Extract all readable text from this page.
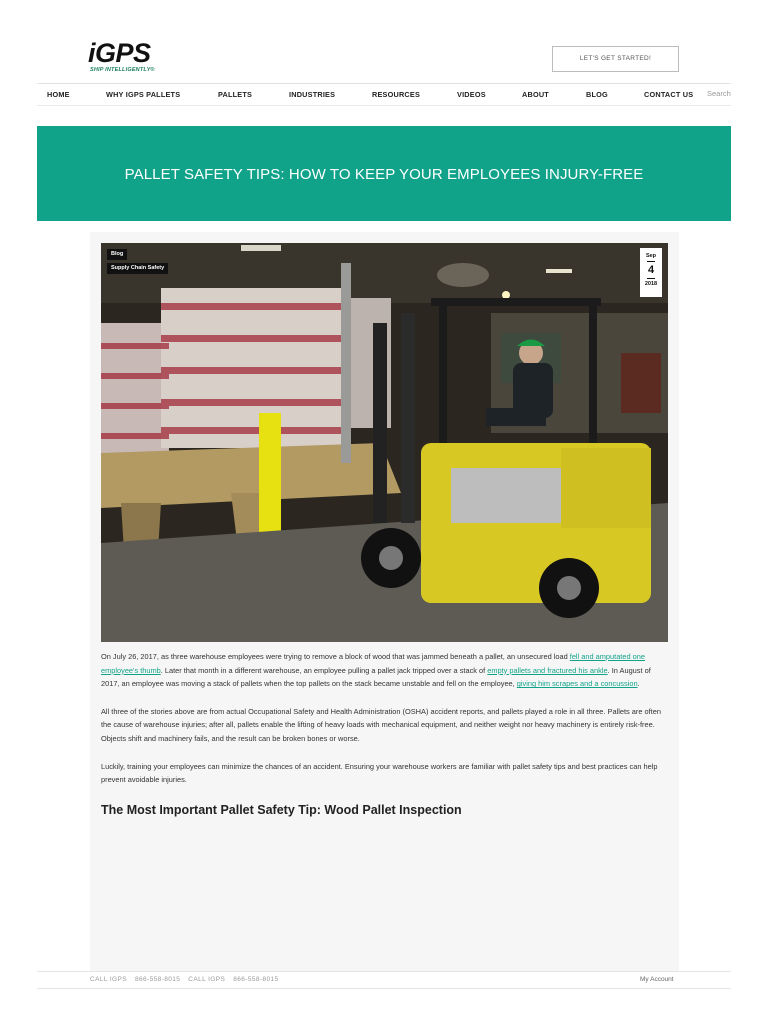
iGPS
SHIP INTELLIGENTLY®
LET'S GET STARTED!
HOME	WHY IGPS PALLETS	PALLETS	INDUSTRIES	RESOURCES	VIDEOS	ABOUT	BLOG	CONTACT US Search
PALLET SAFETY TIPS: HOW TO KEEP YOUR EMPLOYEES INJURY-FREE
Blog
Supply Chain Safety
Sep
4
2018

On July 26, 2017, as three warehouse employees were trying to remove a block of wood that was jammed beneath a pallet, an unsecured load fell and amputated one employee's thumb. Later that month in a different warehouse, an employee pulling a pallet jack tripped over a stack of empty pallets and fractured his ankle. In August of 2017, an employee was moving a stack of pallets when the top pallets on the stack became unstable and fell on the employee, giving him scrapes and a concussion.

All three of the stories above are from actual Occupational Safety and Health Administration (OSHA) accident reports, and pallets played a role in all three. Pallets are often the cause of warehouse injuries; after all, pallets enable the lifting of heavy loads with mechanical equipment, and neither weight nor heavy machinery is entirely risk-free. Objects shift and machinery fails, and the result can be broken bones or worse.

Luckily, training your employees can minimize the chances of an accident. Ensuring your warehouse workers are familiar with pallet safety tips and best practices can help prevent avoidable injuries.

The Most Important Pallet Safety Tip: Wood Pallet Inspection
CALL IGPS 866-558-8015 CALL IGPS 866-558-8015	My Account
